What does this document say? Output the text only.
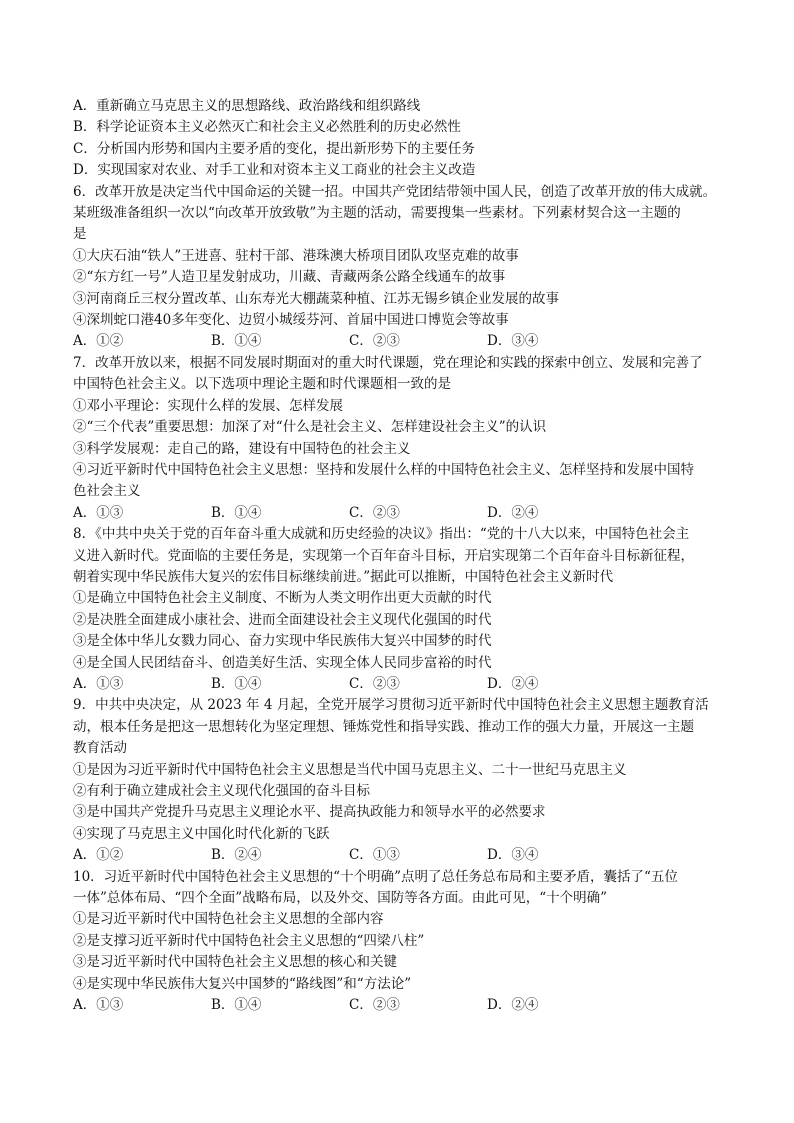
A．重新确立马克思主义的思想路线、政治路线和组织路线
B．科学论证资本主义必然灭亡和社会主义必然胜利的历史必然性
C．分析国内形势和国内主要矛盾的变化，提出新形势下的主要任务
D．实现国家对农业、对手工业和对资本主义工商业的社会主义改造
6．改革开放是决定当代中国命运的关键一招。中国共产党团结带领中国人民，创造了改革开放的伟大成就。
某班级准备组织一次以“向改革开放致敬”为主题的活动，需要搜集一些素材。下列素材契合这一主题的
是
①大庆石油“铁人”王进喜、驻村干部、港珠澳大桥项目团队攻坚克难的故事
②“东方红一号”人造卫星发射成功，川藏、青藏两条公路全线通车的故事
③河南商丘三杈分置改革、山东寿光大棚蔬菜种植、江苏无锡乡镇企业发展的故事
④深圳蛇口港40多年变化、边贸小城绥芬河、首届中国进口博览会等故事
A．①②	B．①④	C．②③	D．③④
7．改革开放以来，根据不同发展时期面对的重大时代课题，党在理论和实践的探索中创立、发展和完善了
中国特色社会主义。以下选项中理论主题和时代课题相一致的是
①邓小平理论：实现什么样的发展、怎样发展
②“三个代表”重要思想：加深了对“什么是社会主义、怎样建设社会主义”的认识
③科学发展观：走自己的路，建设有中国特色的社会主义
④习近平新时代中国特色社会主义思想：坚持和发展什么样的中国特色社会主义、怎样坚持和发展中国特
色社会主义
A．①③	B．①④	C．②③	D．②④
8．《中共中央关于党的百年奋斗重大成就和历史经验的决议》指出：“党的十八大以来，中国特色社会主
义进入新时代。党面临的主要任务是，实现第一个百年奋斗目标，开启实现第二个百年奋斗目标新征程，
朝着实现中华民族伟大复兴的宏伟目标继续前进。”据此可以推断，中国特色社会主义新时代
①是确立中国特色社会主义制度、不断为人类文明作出更大贡献的时代
②是决胜全面建成小康社会、进而全面建设社会主义现代化强国的时代
③是全体中华儿女戮力同心、奋力实现中华民族伟大复兴中国梦的时代
④是全国人民团结奋斗、创造美好生活、实现全体人民同步富裕的时代
A．①③	B．①④	C．②③	D．②④
9．中共中央决定，从 2023 年 4 月起，全党开展学习贯彻习近平新时代中国特色社会主义思想主题教育活
动，根本任务是把这一思想转化为坚定理想、锤炼党性和指导实践、推动工作的强大力量，开展这一主题
教育活动
①是因为习近平新时代中国特色社会主义思想是当代中国马克思主义、二十一世纪马克思主义
②有利于确立建成社会主义现代化强国的奋斗目标
③是中国共产党提升马克思主义理论水平、提高执政能力和领导水平的必然要求
④实现了马克思主义中国化时代化新的飞跃
A．①②	B．②④	C．①③	D．③④
10．习近平新时代中国特色社会主义思想的“十个明确”点明了总任务总布局和主要矛盾，囊括了“五位
一体”总体布局、“四个全面”战略布局，以及外交、国防等各方面。由此可见，“十个明确”
①是习近平新时代中国特色社会主义思想的全部内容
②是支撑习近平新时代中国特色社会主义思想的“四梁八柱”
③是习近平新时代中国特色社会主义思想的核心和关键
④是实现中华民族伟大复兴中国梦的“路线图”和“方法论”
A．①③	B．①④	C．②③	D．②④
